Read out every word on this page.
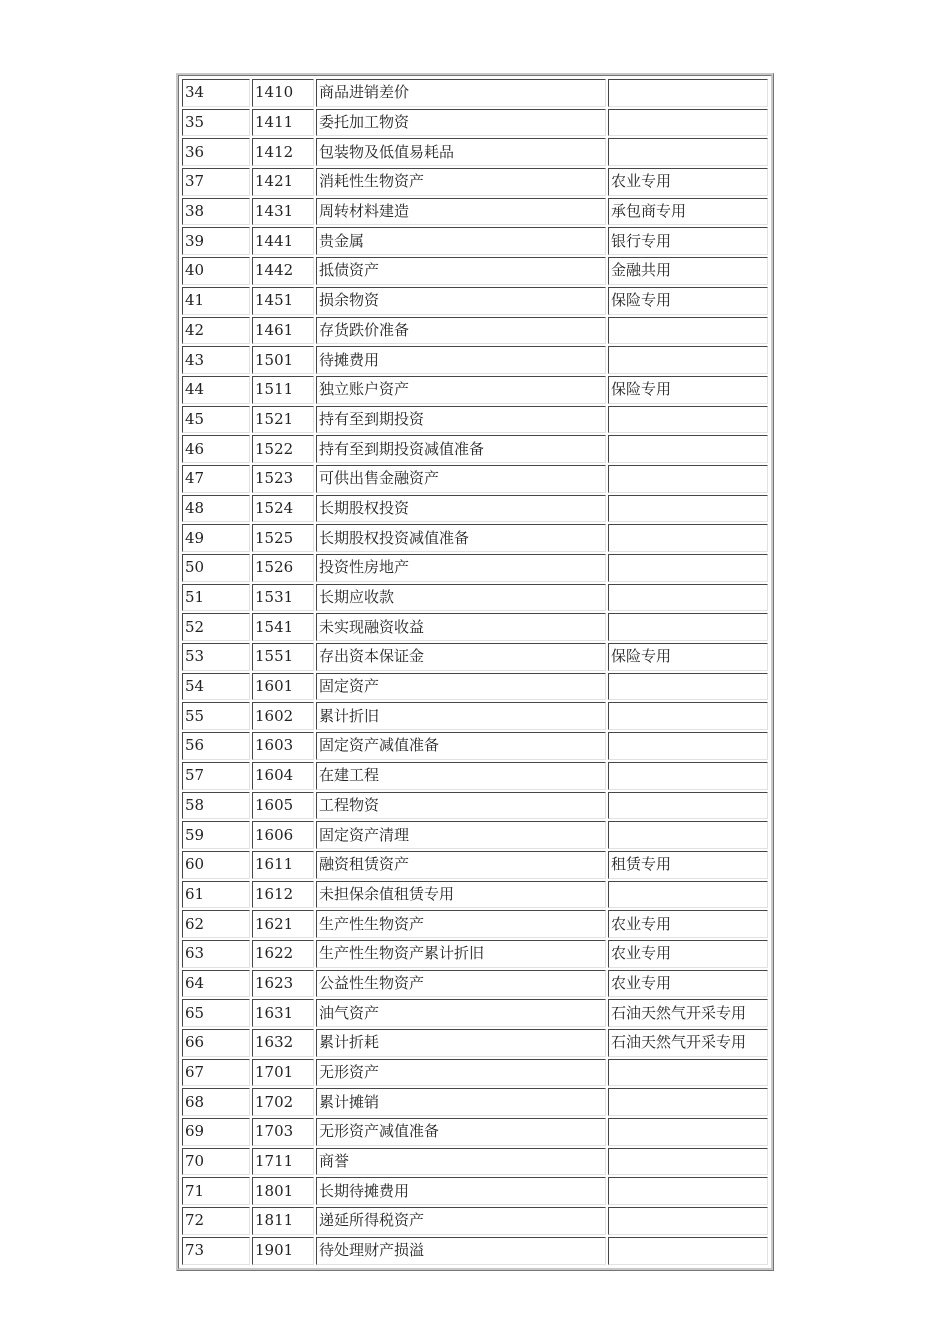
34	1410	商品进销差价	
35	1411	委托加工物资	
36	1412	包装物及低值易耗品	
37	1421	消耗性生物资产	农业专用
38	1431	周转材料建造	承包商专用
39	1441	贵金属	银行专用
40	1442	抵债资产	金融共用
41	1451	损余物资	保险专用
42	1461	存货跌价准备	
43	1501	待摊费用	
44	1511	独立账户资产	保险专用
45	1521	持有至到期投资	
46	1522	持有至到期投资减值准备	
47	1523	可供出售金融资产	
48	1524	长期股权投资	
49	1525	长期股权投资减值准备	
50	1526	投资性房地产	
51	1531	长期应收款	
52	1541	未实现融资收益	
53	1551	存出资本保证金	保险专用
54	1601	固定资产	
55	1602	累计折旧	
56	1603	固定资产减值准备	
57	1604	在建工程	
58	1605	工程物资	
59	1606	固定资产清理	
60	1611	融资租赁资产	租赁专用
61	1612	未担保余值租赁专用	
62	1621	生产性生物资产	农业专用
63	1622	生产性生物资产累计折旧	农业专用
64	1623	公益性生物资产	农业专用
65	1631	油气资产	石油天然气开采专用
66	1632	累计折耗	石油天然气开采专用
67	1701	无形资产	
68	1702	累计摊销	
69	1703	无形资产减值准备	
70	1711	商誉	
71	1801	长期待摊费用	
72	1811	递延所得税资产	
73	1901	待处理财产损溢	
